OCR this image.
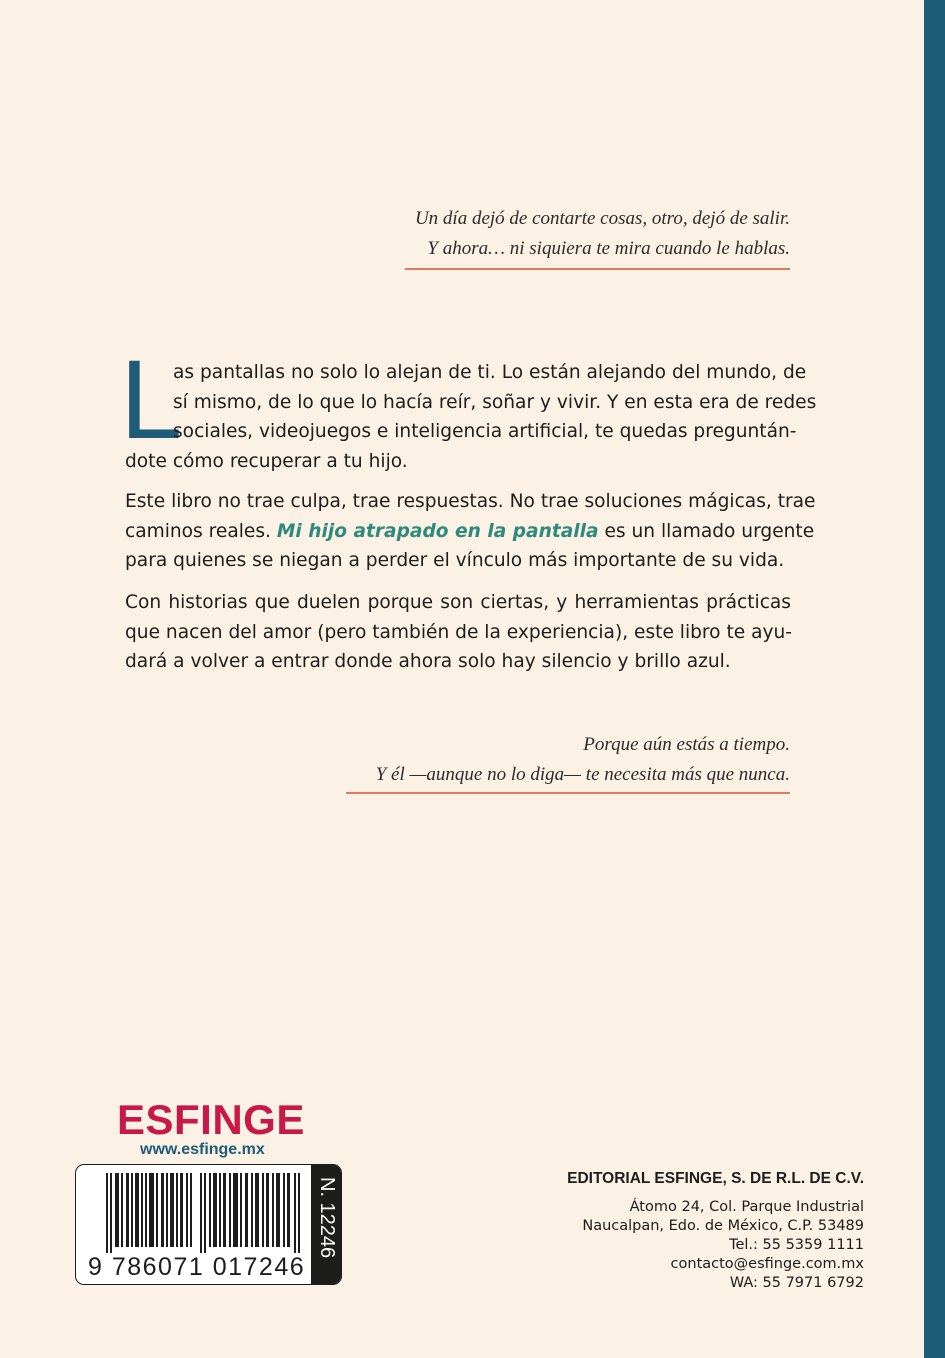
Un día dejó de contarte cosas, otro, dejó de salir.
Y ahora… ni siquiera te mira cuando le hablas.
L
as pantallas no solo lo alejan de ti. Lo están alejando del mundo, de
sí mismo, de lo que lo hacía reír, soñar y vivir. Y en esta era de redes
sociales, videojuegos e inteligencia artificial, te quedas preguntán-
dote cómo recuperar a tu hijo.
Este libro no trae culpa, trae respuestas. No trae soluciones mágicas, trae
caminos reales. Mi hijo atrapado en la pantalla es un llamado urgente
para quienes se niegan a perder el vínculo más importante de su vida.
Con historias que duelen porque son ciertas, y herramientas prácticas
que nacen del amor (pero también de la experiencia), este libro te ayu-
dará a volver a entrar donde ahora solo hay silencio y brillo azul.
Porque aún estás a tiempo.
Y él —aunque no lo diga— te necesita más que nunca.
ESFINGE
www.esfinge.mx
9 786071 017246
N. 12246	EDITORIAL ESFINGE, S. DE R.L. DE C.V.
Átomo 24, Col. Parque Industrial
Naucalpan, Edo. de México, C.P. 53489
Tel.: 55 5359 1111
contacto@esfinge.com.mx
WA: 55 7971 6792
